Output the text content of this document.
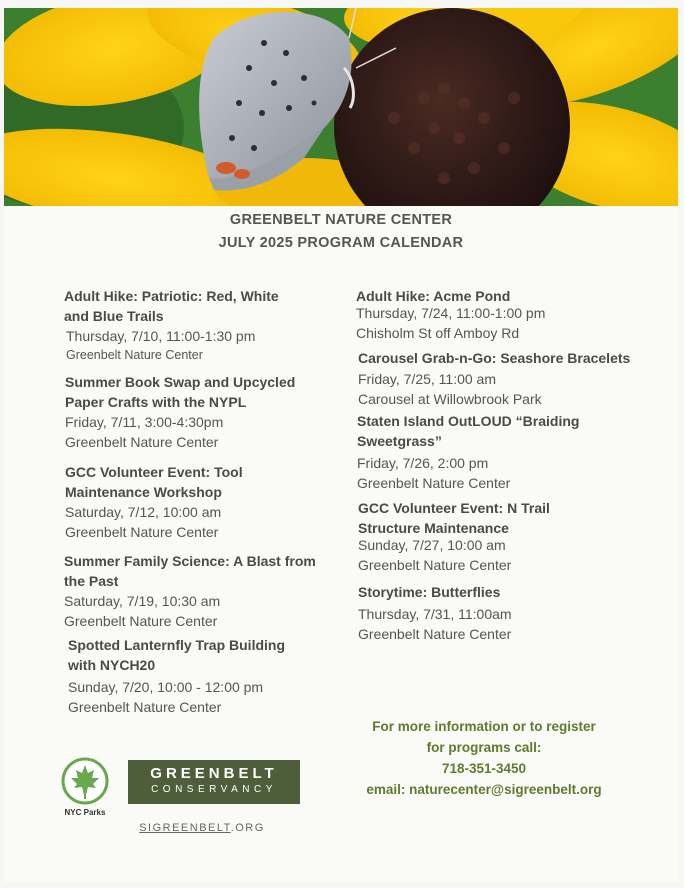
GREENBELT NATURE CENTER
JULY 2025 PROGRAM CALENDAR
Adult Hike: Patriotic: Red, White
and Blue Trails
Thursday, 7/10, 11:00-1:30 pm
Greenbelt Nature Center
Summer Book Swap and Upcycled
Paper Crafts with the NYPL
Friday, 7/11, 3:00-4:30pm
Greenbelt Nature Center
GCC Volunteer Event: Tool
Maintenance Workshop
Saturday, 7/12, 10:00 am
Greenbelt Nature Center
Summer Family Science: A Blast from
the Past
Saturday, 7/19, 10:30 am
Greenbelt Nature Center
Spotted Lanternfly Trap Building
with NYCH20
Sunday, 7/20, 10:00 - 12:00 pm
Greenbelt Nature Center
Adult Hike: Acme Pond
Thursday, 7/24, 11:00-1:00 pm
Chisholm St off Amboy Rd
Carousel Grab-n-Go: Seashore Bracelets
Friday, 7/25, 11:00 am
Carousel at Willowbrook Park
Staten Island OutLOUD “Braiding
Sweetgrass”
Friday, 7/26, 2:00 pm
Greenbelt Nature Center
GCC Volunteer Event: N Trail
Structure Maintenance
Sunday, 7/27, 10:00 am
Greenbelt Nature Center
Storytime: Butterflies
Thursday, 7/31, 11:00am
Greenbelt Nature Center
For more information or to register
for programs call:
718-351-3450
email: naturecenter@sigreenbelt.org
NYC Parks
GREENBELT
CONSERVANCY
SIGREENBELT.ORG
